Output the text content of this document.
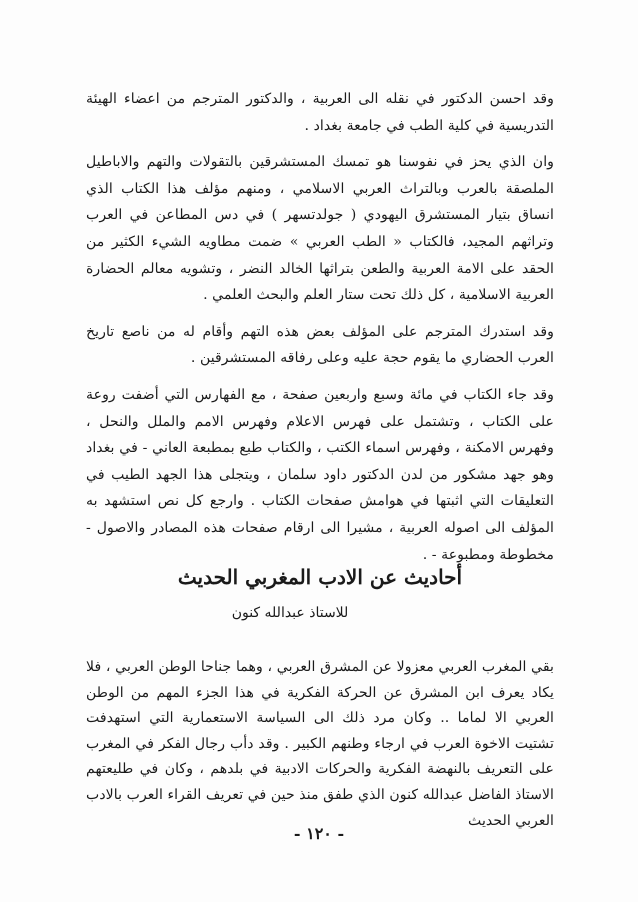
وقد احسن الدكتور في نقله الى العربية ، والدكتور المترجم من اعضاء الهيئة التدريسية في كلية الطب في جامعة بغداد .

وان الذي يحز في نفوسنا هو تمسك المستشرقين بالتقولات والتهم والاباطيل الملصقة بالعرب وبالتراث العربي الاسلامي ، ومنهم مؤلف هذا الكتاب الذي انساق بتيار المستشرق اليهودي ( جولدتسهر ) في دس المطاعن في العرب وتراثهم المجيد، فالكتاب « الطب العربي » ضمت مطاويه الشيء الكثير من الحقد على الامة العربية والطعن بتراثها الخالد النضر ، وتشويه معالم الحضارة العربية الاسلامية ، كل ذلك تحت ستار العلم والبحث العلمي .

وقد استدرك المترجم على المؤلف بعض هذه التهم وأقام له من ناصع تاريخ العرب الحضاري ما يقوم حجة عليه وعلى رفاقه المستشرقين .

وقد جاء الكتاب في مائة وسبع واربعين صفحة ، مع الفهارس التي أضفت روعة على الكتاب ، وتشتمل على فهرس الاعلام وفهرس الامم والملل والنحل ، وفهرس الامكنة ، وفهرس اسماء الكتب ، والكتاب طبع بمطبعة العاني - في بغداد وهو جهد مشكور من لدن الدكتور داود سلمان ، ويتجلى هذا الجهد الطيب في التعليقات التي اثبتها في هوامش صفحات الكتاب . وارجع كل نص استشهد به المؤلف الى اصوله العربية ، مشيرا الى ارقام صفحات هذه المصادر والاصول - مخطوطة ومطبوعة - .

أحاديث عن الادب المغربي الحديث

للاستاذ عبدالله كنون

بقي المغرب العربي معزولا عن المشرق العربي ، وهما جناحا الوطن العربي ، فلا يكاد يعرف ابن المشرق عن الحركة الفكرية في هذا الجزء المهم من الوطن العربي الا لماما .. وكان مرد ذلك الى السياسة الاستعمارية التي استهدفت تشتيت الاخوة العرب في ارجاء وطنهم الكبير . وقد دأب رجال الفكر في المغرب على التعريف بالنهضة الفكرية والحركات الادبية في بلدهم ، وكان في طليعتهم الاستاذ الفاضل عبدالله كنون الذي طفق منذ حين في تعريف القراء العرب بالادب العربي الحديث

- ١٢٠ -
